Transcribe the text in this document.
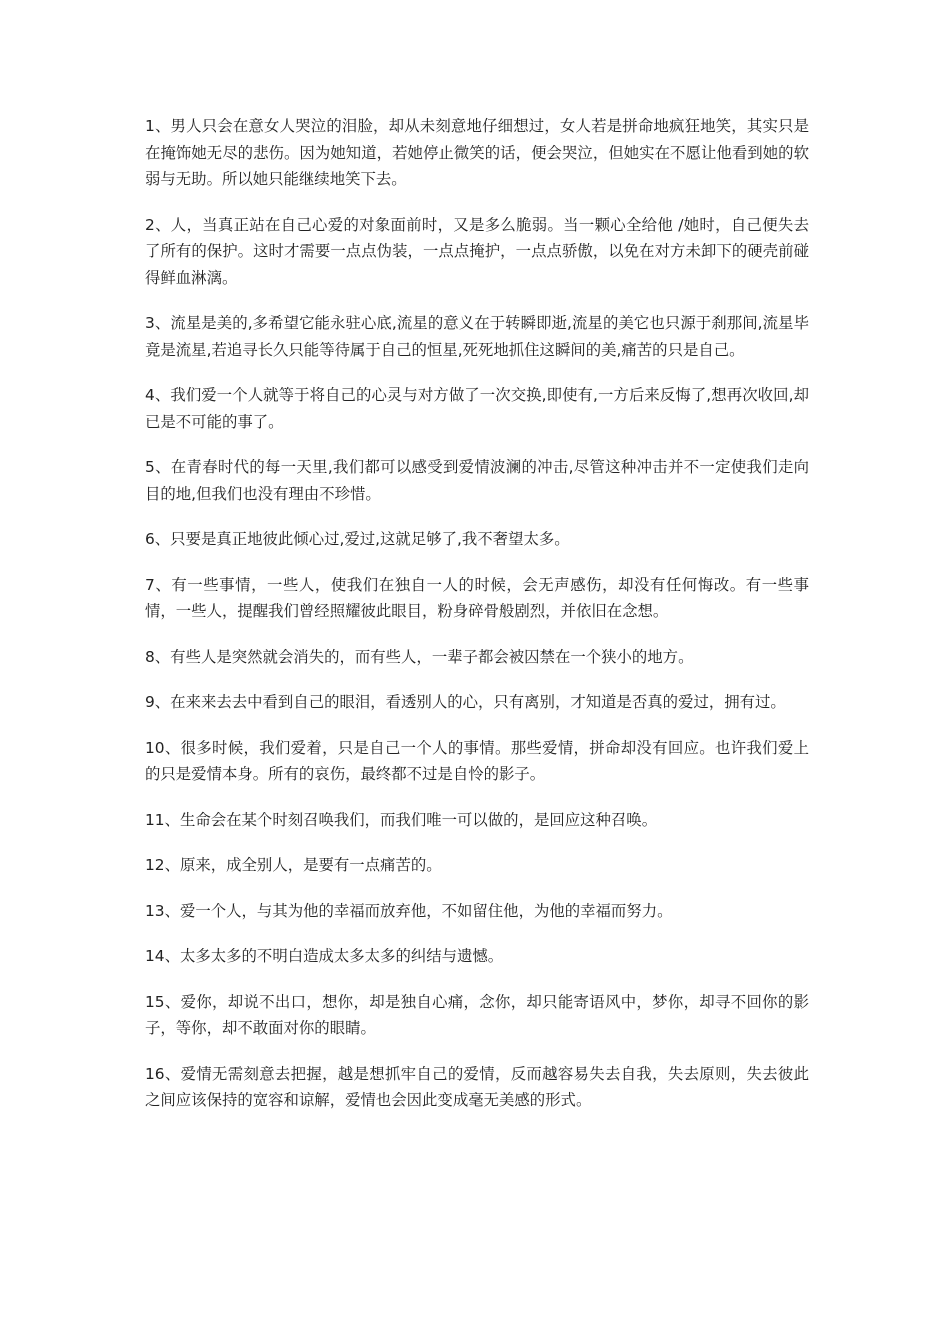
1、男人只会在意女人哭泣的泪脸，却从未刻意地仔细想过，女人若是拼命地疯狂地笑，其实只是在掩饰她无尽的悲伤。因为她知道，若她停止微笑的话，便会哭泣，但她实在不愿让他看到她的软弱与无助。所以她只能继续地笑下去。

2、人，当真正站在自己心爱的对象面前时，又是多么脆弱。当一颗心全给他 /她时，自己便失去了所有的保护。这时才需要一点点伪装，一点点掩护，一点点骄傲，以免在对方未卸下的硬壳前碰得鲜血淋漓。

3、流星是美的,多希望它能永驻心底,流星的意义在于转瞬即逝,流星的美它也只源于刹那间,流星毕竟是流星,若追寻长久只能等待属于自己的恒星,死死地抓住这瞬间的美,痛苦的只是自己。

4、我们爱一个人就等于将自己的心灵与对方做了一次交换,即使有,一方后来反悔了,想再次收回,却已是不可能的事了。

5、在青春时代的每一天里,我们都可以感受到爱情波澜的冲击,尽管这种冲击并不一定使我们走向目的地,但我们也没有理由不珍惜。

6、只要是真正地彼此倾心过,爱过,这就足够了,我不奢望太多。

7、有一些事情，一些人，使我们在独自一人的时候，会无声感伤，却没有任何悔改。有一些事情，一些人，提醒我们曾经照耀彼此眼目，粉身碎骨般剧烈，并依旧在念想。

8、有些人是突然就会消失的，而有些人，一辈子都会被囚禁在一个狭小的地方。

9、在来来去去中看到自己的眼泪，看透别人的心，只有离别，才知道是否真的爱过，拥有过。

10、很多时候，我们爱着，只是自己一个人的事情。那些爱情，拼命却没有回应。也许我们爱上的只是爱情本身。所有的哀伤，最终都不过是自怜的影子。

11、生命会在某个时刻召唤我们，而我们唯一可以做的，是回应这种召唤。

12、原来，成全别人，是要有一点痛苦的。

13、爱一个人，与其为他的幸福而放弃他，不如留住他，为他的幸福而努力。

14、太多太多的不明白造成太多太多的纠结与遗憾。

15、爱你，却说不出口，想你，却是独自心痛，念你，却只能寄语风中，梦你，却寻不回你的影子，等你，却不敢面对你的眼睛。

16、爱情无需刻意去把握，越是想抓牢自己的爱情，反而越容易失去自我，失去原则，失去彼此之间应该保持的宽容和谅解，爱情也会因此变成毫无美感的形式。
